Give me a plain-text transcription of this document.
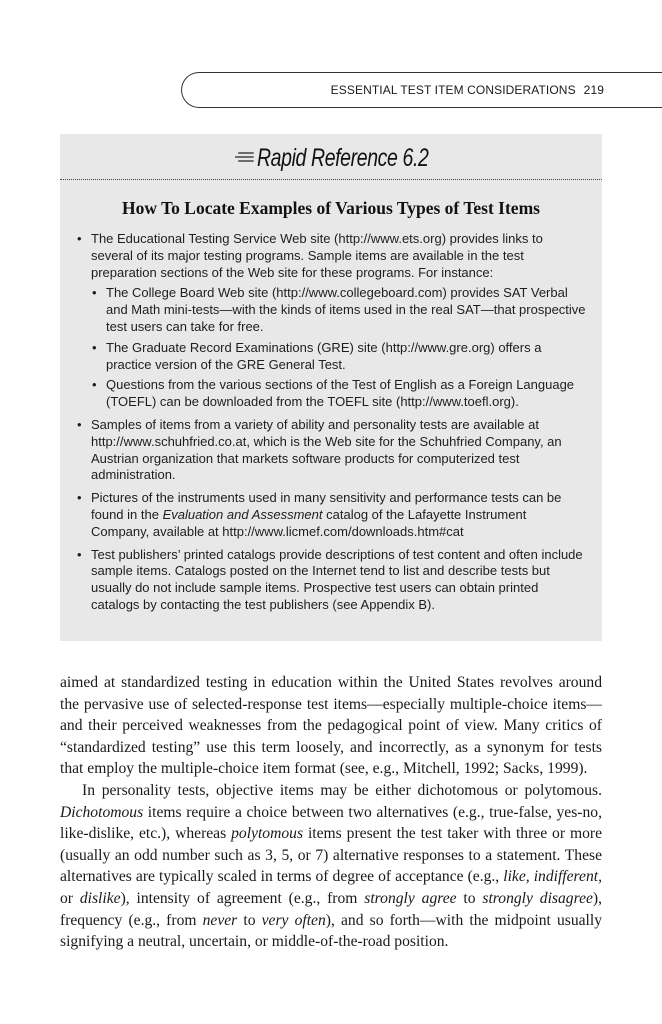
ESSENTIAL TEST ITEM CONSIDERATIONS 219
Rapid Reference 6.2
How To Locate Examples of Various Types of Test Items
• The Educational Testing Service Web site (http://www.ets.org) provides links to several of its major testing programs. Sample items are available in the test preparation sections of the Web site for these programs. For instance:
• The College Board Web site (http://www.collegeboard.com) provides SAT Verbal and Math mini-tests—with the kinds of items used in the real SAT—that prospective test users can take for free.
• The Graduate Record Examinations (GRE) site (http://www.gre.org) offers a practice version of the GRE General Test.
• Questions from the various sections of the Test of English as a Foreign Language (TOEFL) can be downloaded from the TOEFL site (http://www.toefl.org).
• Samples of items from a variety of ability and personality tests are available at http://www.schuhfried.co.at, which is the Web site for the Schuhfried Company, an Austrian organization that markets software products for computerized test administration.
• Pictures of the instruments used in many sensitivity and performance tests can be found in the Evaluation and Assessment catalog of the Lafayette Instrument Company, available at http://www.licmef.com/downloads.htm#cat
• Test publishers’ printed catalogs provide descriptions of test content and often include sample items. Catalogs posted on the Internet tend to list and describe tests but usually do not include sample items. Prospective test users can obtain printed catalogs by contacting the test publishers (see Appendix B).

aimed at standardized testing in education within the United States revolves around the pervasive use of selected-response test items—especially multiple-choice items—and their perceived weaknesses from the pedagogical point of view. Many critics of “standardized testing” use this term loosely, and incorrectly, as a synonym for tests that employ the multiple-choice item format (see, e.g., Mitchell, 1992; Sacks, 1999).

In personality tests, objective items may be either dichotomous or polytomous. Dichotomous items require a choice between two alternatives (e.g., true-false, yes-no, like-dislike, etc.), whereas polytomous items present the test taker with three or more (usually an odd number such as 3, 5, or 7) alternative responses to a statement. These alternatives are typically scaled in terms of degree of acceptance (e.g., like, indifferent, or dislike), intensity of agreement (e.g., from strongly agree to strongly disagree), frequency (e.g., from never to very often), and so forth—with the midpoint usually signifying a neutral, uncertain, or middle-of-the-road position.
